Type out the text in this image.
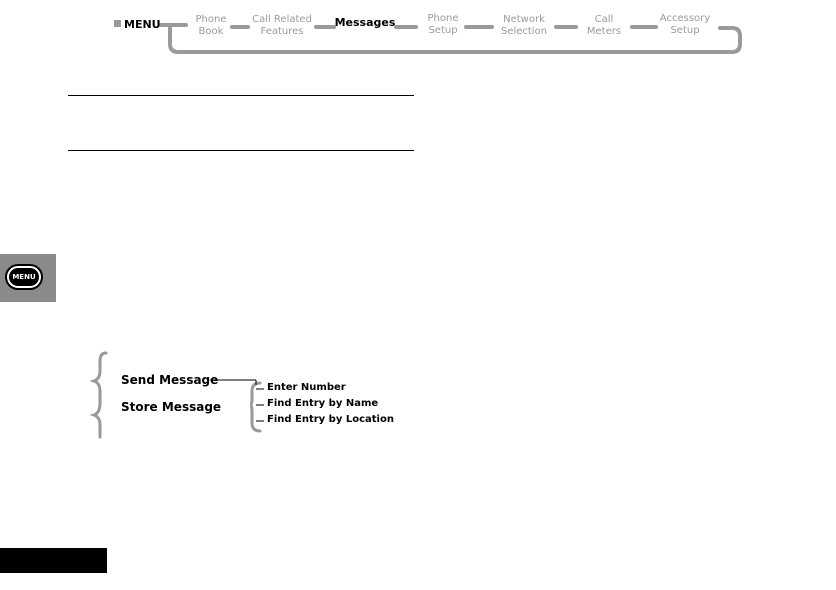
MENU	Phone
Book
Call Related
Features
Messages	Phone
Setup
Network
Selection
Call
Meters
Accessory
Setup
MENU
Send Message
Store Message
Enter Number
Find Entry by Name
Find Entry by Location
